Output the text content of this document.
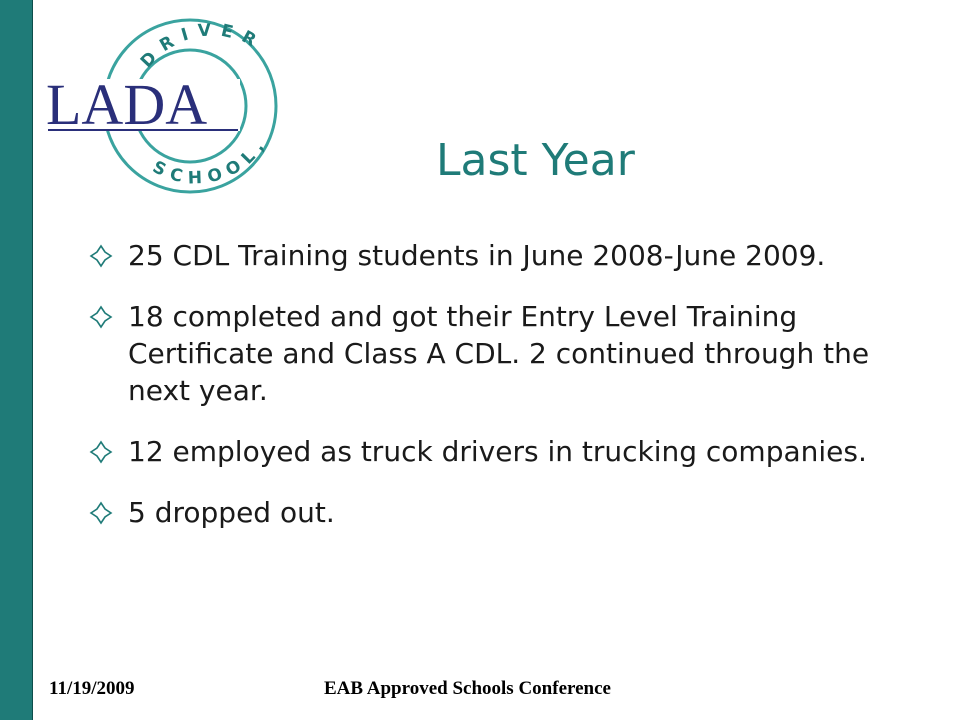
DRIVER
SCHOOL,
LADA
Last Year
25 CDL Training students in June 2008-June 2009.
18 completed and got their Entry Level Training Certificate and Class A CDL. 2 continued through the next year.
12 employed as truck drivers in trucking companies.
5 dropped out.
11/19/2009	EAB Approved Schools Conference
